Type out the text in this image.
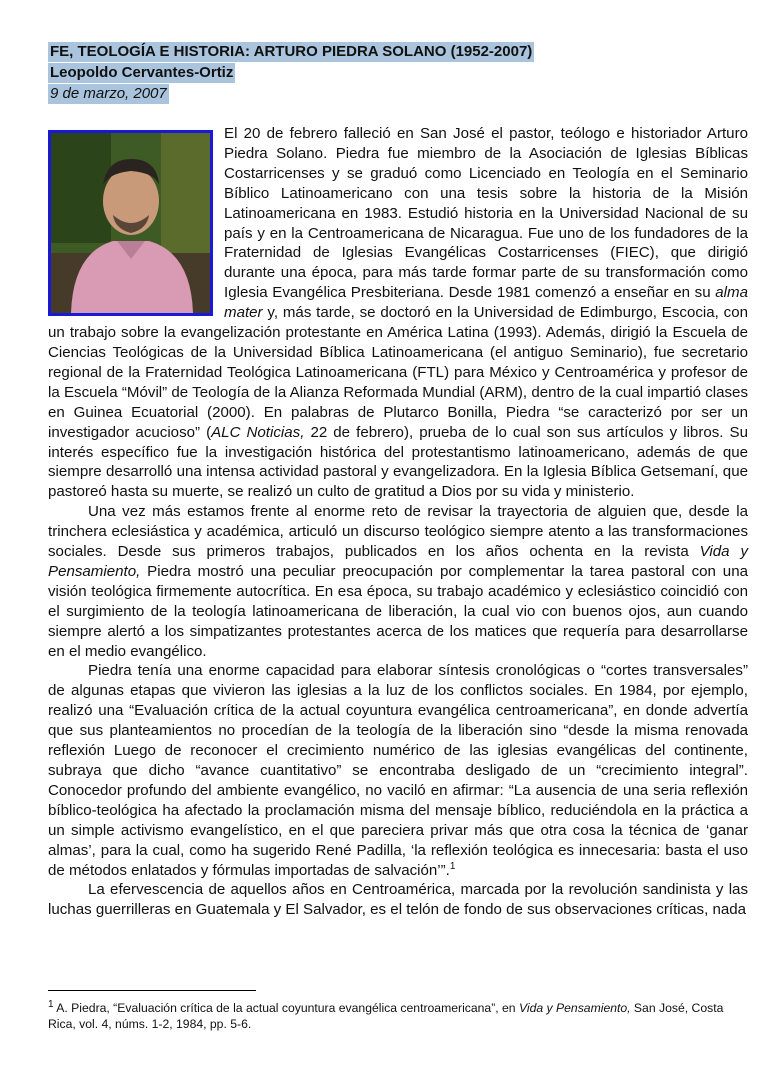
FE, TEOLOGÍA E HISTORIA: ARTURO PIEDRA SOLANO (1952-2007)
Leopoldo Cervantes-Ortiz
9 de marzo, 2007

El 20 de febrero falleció en San José el pastor, teólogo e historiador Arturo Piedra Solano. Piedra fue miembro de la Asociación de Iglesias Bíblicas Costarricenses y se graduó como Licenciado en Teología en el Seminario Bíblico Latinoamericano con una tesis sobre la historia de la Misión Latinoamericana en 1983. Estudió historia en la Universidad Nacional de su país y en la Centroamericana de Nicaragua. Fue uno de los fundadores de la Fraternidad de Iglesias Evangélicas Costarricenses (FIEC), que dirigió durante una época, para más tarde formar parte de su transformación como Iglesia Evangélica Presbiteriana. Desde 1981 comenzó a enseñar en su alma mater y, más tarde, se doctoró en la Universidad de Edimburgo, Escocia, con un trabajo sobre la evangelización protestante en América Latina (1993). Además, dirigió la Escuela de Ciencias Teológicas de la Universidad Bíblica Latinoamericana (el antiguo Seminario), fue secretario regional de la Fraternidad Teológica Latinoamericana (FTL) para México y Centroamérica y profesor de la Escuela “Móvil” de Teología de la Alianza Reformada Mundial (ARM), dentro de la cual impartió clases en Guinea Ecuatorial (2000). En palabras de Plutarco Bonilla, Piedra “se caracterizó por ser un investigador acucioso” (ALC Noticias, 22 de febrero), prueba de lo cual son sus artículos y libros. Su interés específico fue la investigación histórica del protestantismo latinoamericano, además de que siempre desarrolló una intensa actividad pastoral y evangelizadora. En la Iglesia Bíblica Getsemaní, que pastoreó hasta su muerte, se realizó un culto de gratitud a Dios por su vida y ministerio.

Una vez más estamos frente al enorme reto de revisar la trayectoria de alguien que, desde la trinchera eclesiástica y académica, articuló un discurso teológico siempre atento a las transformaciones sociales. Desde sus primeros trabajos, publicados en los años ochenta en la revista Vida y Pensamiento, Piedra mostró una peculiar preocupación por complementar la tarea pastoral con una visión teológica firmemente autocrítica. En esa época, su trabajo académico y eclesiástico coincidió con el surgimiento de la teología latinoamericana de liberación, la cual vio con buenos ojos, aun cuando siempre alertó a los simpatizantes protestantes acerca de los matices que requería para desarrollarse en el medio evangélico.

Piedra tenía una enorme capacidad para elaborar síntesis cronológicas o “cortes transversales” de algunas etapas que vivieron las iglesias a la luz de los conflictos sociales. En 1984, por ejemplo, realizó una “Evaluación crítica de la actual coyuntura evangélica centroamericana”, en donde advertía que sus planteamientos no procedían de la teología de la liberación sino “desde la misma renovada reflexión Luego de reconocer el crecimiento numérico de las iglesias evangélicas del continente, subraya que dicho “avance cuantitativo” se encontraba desligado de un “crecimiento integral”. Conocedor profundo del ambiente evangélico, no vaciló en afirmar: “La ausencia de una seria reflexión bíblico-teológica ha afectado la proclamación misma del mensaje bíblico, reduciéndola en la práctica a un simple activismo evangelístico, en el que pareciera privar más que otra cosa la técnica de ‘ganar almas’, para la cual, como ha sugerido René Padilla, ‘la reflexión teológica es innecesaria: basta el uso de métodos enlatados y fórmulas importadas de salvación’”.$^1$

La efervescencia de aquellos años en Centroamérica, marcada por la revolución sandinista y las luchas guerrilleras en Guatemala y El Salvador, es el telón de fondo de sus observaciones críticas, nada

$^1$ A. Piedra, “Evaluación crítica de la actual coyuntura evangélica centroamericana”, en Vida y Pensamiento, San José, Costa Rica, vol. 4, núms. 1-2, 1984, pp. 5-6.
